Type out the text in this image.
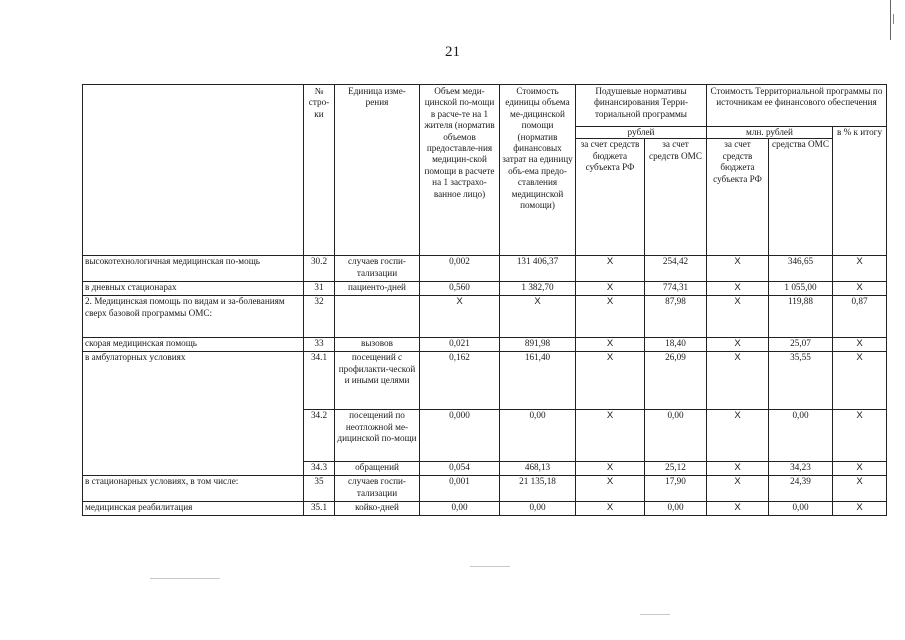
21
	№ стро-ки	Единица изме-рения	Объем меди-цинской по-мощи в расче-те на 1 жителя (норматив объемов предоставле-ния медицин-ской помощи в расчете на 1 застрахо-ванное лицо)	Стоимость единицы объема ме-дицинской помощи (норматив финансовых затрат на единицу объ-ема предо-ставления медицинской помощи)	Подушевые нормативы финансирования Терри-ториальной программы		Стоимость Территориальной программы по источникам ее финансового обеспечения		
					рублей		млн. рублей		в % к итогу
					за счет средств бюджета субъекта РФ	за счет средств ОМС	за счет средств бюджета субъекта РФ	средства ОМС	

высокотехнологичная медицинская по-мощь	30.2	случаев госпи-тализации	0,002	131 406,37	X	254,42	X	346,65	X
в дневных стационарах	31	пациенто-дней	0,560	1 382,70	X	774,31	X	1 055,00	X
2. Медицинская помощь по видам и за-болеваниям сверх базовой программы ОМС:	32		X	X	X	87,98	X	119,88	0,87
скорая медицинская помощь	33	вызовов	0,021	891,98	X	18,40	X	25,07	X
в амбулаторных условиях	34.1	посещений с профилакти-ческой и иными целями	0,162	161,40	X	26,09	X	35,55	X
	34.2	посещений по неотложной ме-дицинской по-мощи	0,000	0,00	X	0,00	X	0,00	X
	34.3	обращений	0,054	468,13	X	25,12	X	34,23	X
в стационарных условиях, в том числе:	35	случаев госпи-тализации	0,001	21 135,18	X	17,90	X	24,39	X
медицинская реабилитация	35.1	койко-дней	0,00	0,00	X	0,00	X	0,00	X
